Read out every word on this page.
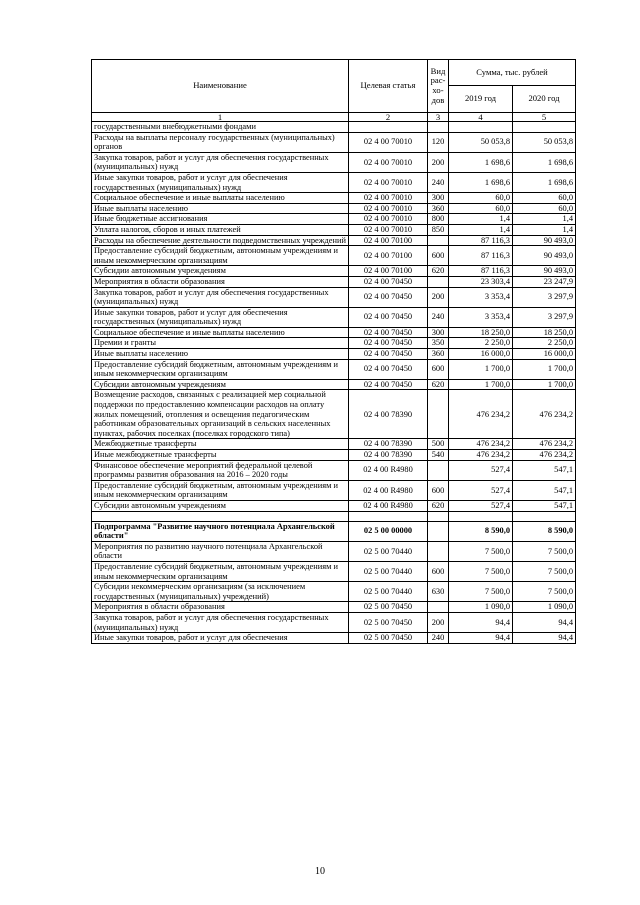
Наименование	Целевая статья	Вид рас-хо-дов	Сумма, тыс. рублей	
			2019 год	2020 год
1	2	3	4	5
государственными внебюджетными фондами				
Расходы на выплаты персоналу государственных (муниципальных) органов	02 4 00 70010	120	50 053,8	50 053,8
Закупка товаров, работ и услуг для обеспечения государственных (муниципальных) нужд	02 4 00 70010	200	1 698,6	1 698,6
Иные закупки товаров, работ и услуг для обеспечения государственных (муниципальных) нужд	02 4 00 70010	240	1 698,6	1 698,6
Социальное обеспечение и иные выплаты населению	02 4 00 70010	300	60,0	60,0
Иные выплаты населению	02 4 00 70010	360	60,0	60,0
Иные бюджетные ассигнования	02 4 00 70010	800	1,4	1,4
Уплата налогов, сборов и иных платежей	02 4 00 70010	850	1,4	1,4
Расходы на обеспечение деятельности подведомственных учреждений	02 4 00 70100		87 116,3	90 493,0
Предоставление субсидий бюджетным, автономным учреждениям и иным некоммерческим организациям	02 4 00 70100	600	87 116,3	90 493,0
Субсидии автономным учреждениям	02 4 00 70100	620	87 116,3	90 493,0
Мероприятия в области образования	02 4 00 70450		23 303,4	23 247,9
Закупка товаров, работ и услуг для обеспечения государственных (муниципальных) нужд	02 4 00 70450	200	3 353,4	3 297,9
Иные закупки товаров, работ и услуг для обеспечения государственных (муниципальных) нужд	02 4 00 70450	240	3 353,4	3 297,9
Социальное обеспечение и иные выплаты населению	02 4 00 70450	300	18 250,0	18 250,0
Премии и гранты	02 4 00 70450	350	2 250,0	2 250,0
Иные выплаты населению	02 4 00 70450	360	16 000,0	16 000,0
Предоставление субсидий бюджетным, автономным учреждениям и иным некоммерческим организациям	02 4 00 70450	600	1 700,0	1 700,0
Субсидии автономным учреждениям	02 4 00 70450	620	1 700,0	1 700,0
Возмещение расходов, связанных с реализацией мер социальной поддержки по предоставлению компенсации расходов на оплату жилых помещений, отопления и освещения педагогическим работникам образовательных организаций в сельских населенных пунктах, рабочих поселках (поселках городского типа)	02 4 00 78390		476 234,2	476 234,2
Межбюджетные трансферты	02 4 00 78390	500	476 234,2	476 234,2
Иные межбюджетные трансферты	02 4 00 78390	540	476 234,2	476 234,2
Финансовое обеспечение мероприятий федеральной целевой программы развития образования на 2016 – 2020 годы	02 4 00 R4980		527,4	547,1
Предоставление субсидий бюджетным, автономным учреждениям и иным некоммерческим организациям	02 4 00 R4980	600	527,4	547,1
Субсидии автономным учреждениям	02 4 00 R4980	620	527,4	547,1

Подпрограмма "Развитие научного потенциала Архангельской области"	02 5 00 00000		8 590,0	8 590,0
Мероприятия по развитию научного потенциала Архангельской области	02 5 00 70440		7 500,0	7 500,0
Предоставление субсидий бюджетным, автономным учреждениям и иным некоммерческим организациям	02 5 00 70440	600	7 500,0	7 500,0
Субсидии некоммерческим организациям (за исключением государственных (муниципальных) учреждений)	02 5 00 70440	630	7 500,0	7 500,0
Мероприятия в области образования	02 5 00 70450		1 090,0	1 090,0
Закупка товаров, работ и услуг для обеспечения государственных (муниципальных) нужд	02 5 00 70450	200	94,4	94,4
Иные закупки товаров, работ и услуг для обеспечения	02 5 00 70450	240	94,4	94,4
10
